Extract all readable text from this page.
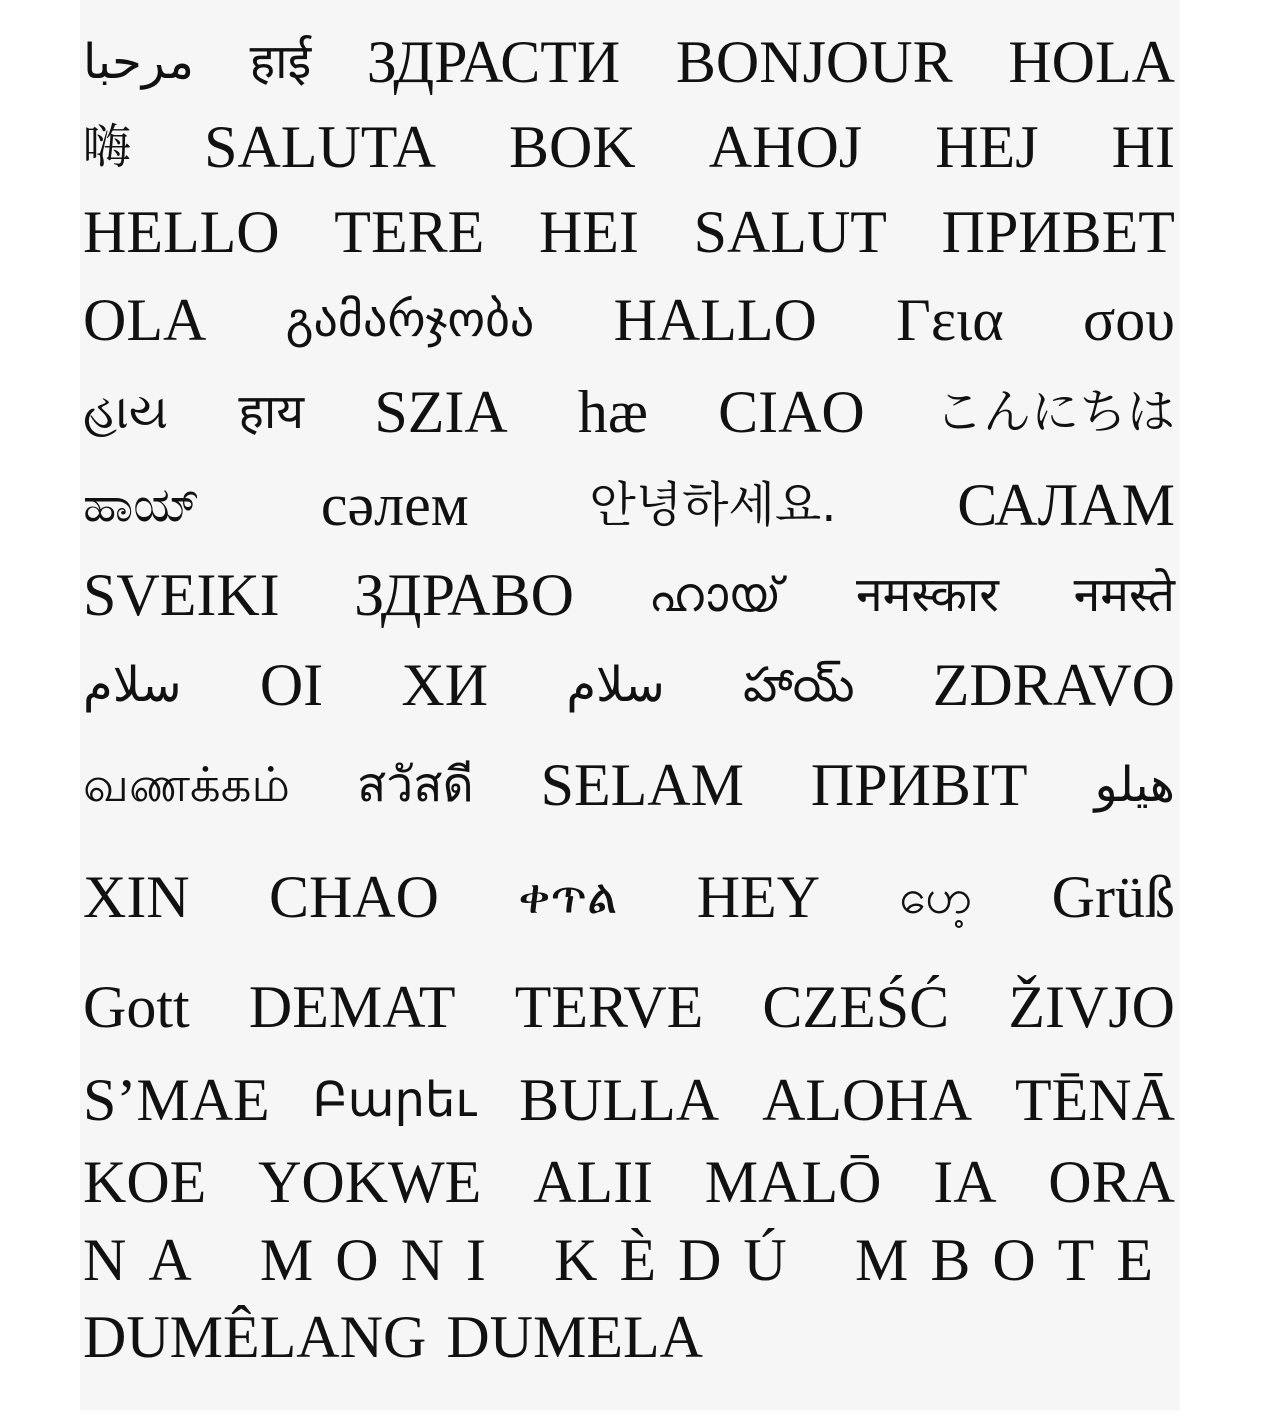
مرحبا हाई ЗДРАСТИ BONJOUR HOLA
嗨 SALUTA BOK AHOJ HEJ HI
HELLO TERE HEI SALUT ПРИВЕТ
OLA გამარჯობა HALLO Γεια σου
હાય हाय SZIA hæ CIAO こんにちは
ಹಾಯ್ сәлем	안녕하세요. САЛАМ
SVEIKI ЗДРАВО ഹായ് नमस्कार नमस्ते
سلام OI ХИ سلام హాయ్ ZDRAVO
வணக்கம் สวัสดี SELAM ПРИВІТ هيلو
XIN CHAO ቀጥል HEY ဟေ့ Grüß
Gott DEMAT TERVE CZEŚĆ ŽIVJO
S’MAE Բարեւ BULLA ALOHA TĒNĀ
KOE YOKWE ALII MALŌ IA ORA
NA MONI KÈDÚ MBOTE
DUMÊLANG DUMELA
